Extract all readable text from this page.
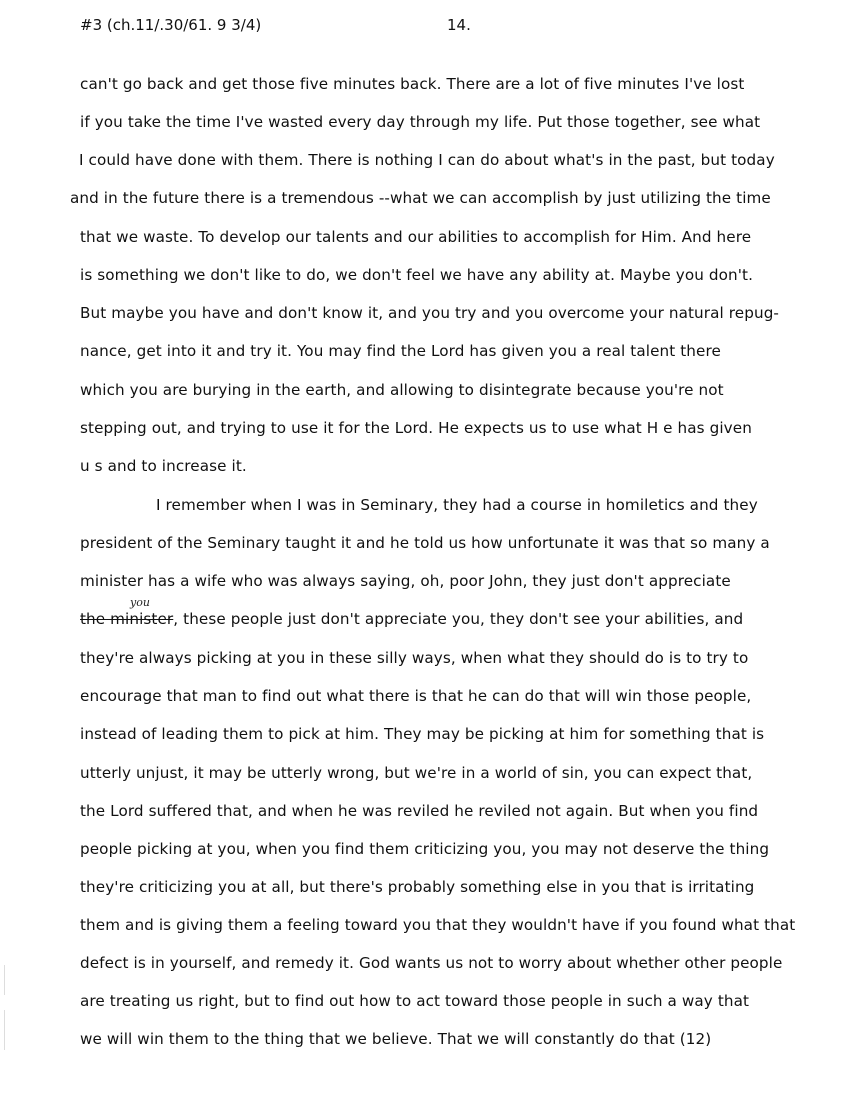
#3 (ch.11/.30/61. 9 3/4)	14.
can't go back and get those five minutes back. There are a lot of five minutes I've lost
if you take the time I've wasted every day through my life. Put those together, see what
I could have done with them. There is nothing I can do about what's in the past, but today
and in the future there is a tremendous --what we can accomplish by just utilizing the time
that we waste. To develop our talents and our abilities to accomplish for Him. And here
is something we don't like to do, we don't feel we have any ability at. Maybe you don't.
But maybe you have and don't know it, and you try and you overcome your natural repug-
nance, get into it and try it. You may find the Lord has given you a real talent there
which you are burying in the earth, and allowing to disintegrate because you're not
stepping out, and trying to use it for the Lord. He expects us to use what H e has given
u s and to increase it.
I remember when I was in Seminary, they had a course in homiletics and they
president of the Seminary taught it and he told us how unfortunate it was that so many a
minister has a wife who was always saying, oh, poor John, they just don't appreciate
you
the minister, these people just don't appreciate you, they don't see your abilities, and
they're always picking at you in these silly ways, when what they should do is to try to
encourage that man to find out what there is that he can do that will win those people,
instead of leading them to pick at him. They may be picking at him for something that is
utterly unjust, it may be utterly wrong, but we're in a world of sin, you can expect that,
the Lord suffered that, and when he was reviled he reviled not again. But when you find
people picking at you, when you find them criticizing you, you may not deserve the thing
they're criticizing you at all, but there's probably something else in you that is irritating
them and is giving them a feeling toward you that they wouldn't have if you found what that
defect is in yourself, and remedy it. God wants us not to worry about whether other people
are treating us right, but to find out how to act toward those people in such a way that
we will win them to the thing that we believe. That we will constantly do that (12)
